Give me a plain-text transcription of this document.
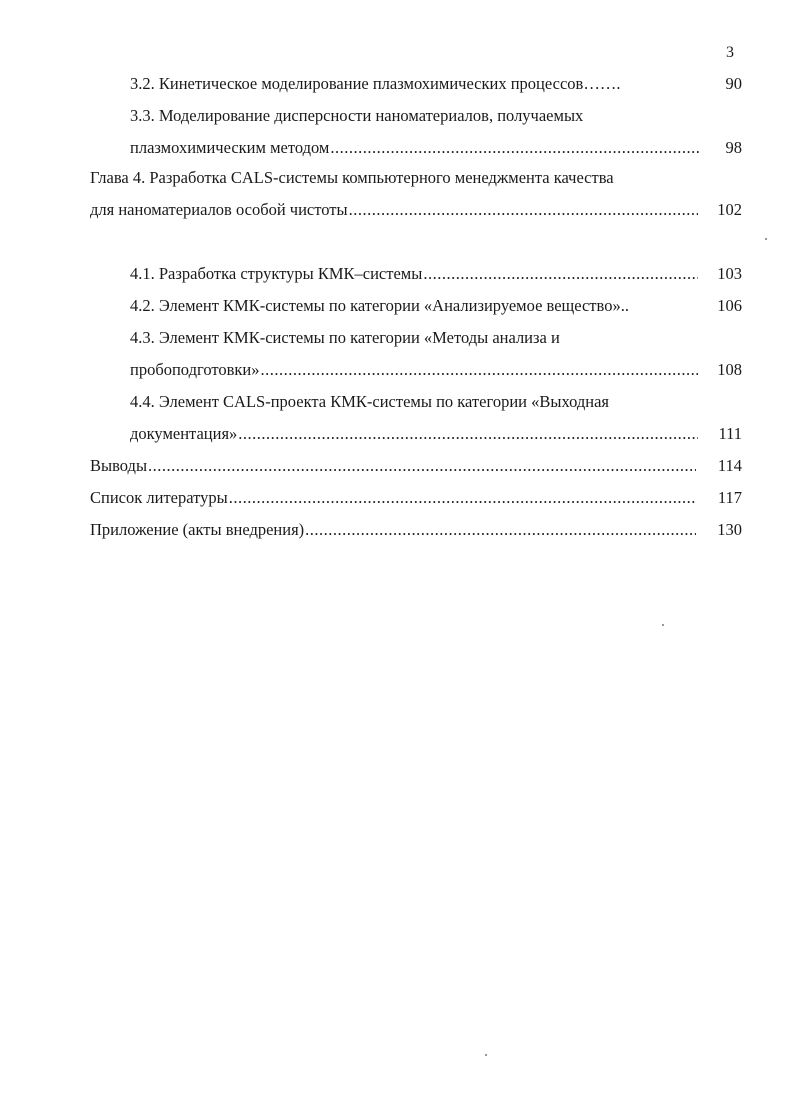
3
3.2. Кинетическое моделирование плазмохимических процессов …….	90
3.3. Моделирование дисперсности наноматериалов, получаемых
плазмохимическим методом .....	98
Глава 4. Разработка CALS-системы компьютерного менеджмента качества
для наноматериалов особой чистоты .....	102
4.1. Разработка структуры КМК–системы .....	103
4.2. Элемент КМК-системы по категории «Анализируемое вещество» ..	106
4.3. Элемент КМК-системы по категории «Методы анализа и
пробоподготовки» .....	108
4.4. Элемент CALS-проекта КМК-системы по категории «Выходная
документация» .....	111
Выводы .....	114
Список литературы .....	117
Приложение (акты внедрения) .....	130
